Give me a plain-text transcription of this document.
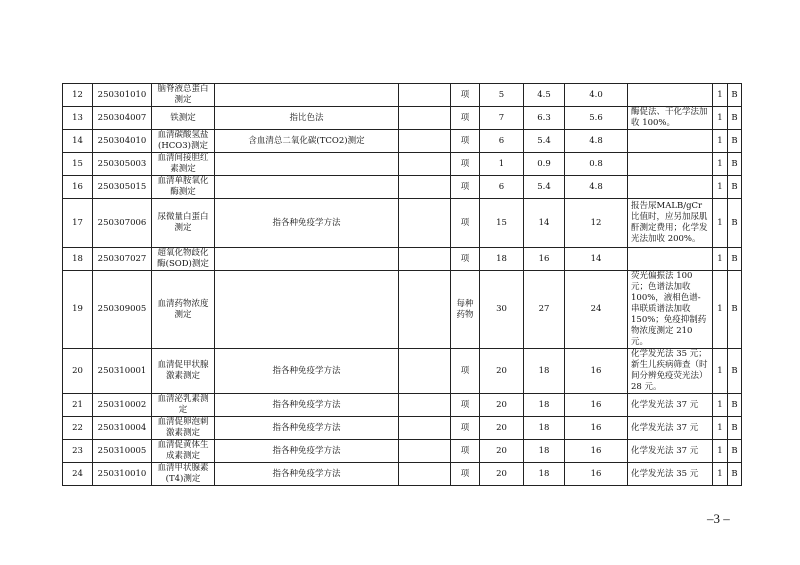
12	250301010	脑脊液总蛋白测定			项	5	4.5	4.0		1	B
13	250304007	铁测定	指比色法		项	7	6.3	5.6	酶促法、干化学法加收 100%。	1	B
14	250304010	血清碳酸氢盐(HCO3)测定	含血清总二氧化碳(TCO2)测定		项	6	5.4	4.8		1	B
15	250305003	血清间接胆红素测定			项	1	0.9	0.8		1	B
16	250305015	血清单胺氧化酶测定			项	6	5.4	4.8		1	B
17	250307006	尿微量白蛋白测定	指各种免疫学方法		项	15	14	12	报告尿MALB/gCr比值时，应另加尿肌酐测定费用；化学发光法加收 200%。	1	B
18	250307027	超氧化物歧化酶(SOD)测定			项	18	16	14		1	B
19	250309005	血清药物浓度测定			每种药物	30	27	24	荧光偏振法 100 元；色谱法加收 100%，液相色谱-串联质谱法加收 150%；免疫抑制药物浓度测定 210 元。	1	B
20	250310001	血清促甲状腺激素测定	指各种免疫学方法		项	20	18	16	化学发光法 35 元；新生儿疾病筛查（时间分辨免疫荧光法）28 元。	1	B
21	250310002	血清泌乳素测定	指各种免疫学方法		项	20	18	16	化学发光法 37 元	1	B
22	250310004	血清促卵泡刺激素测定	指各种免疫学方法		项	20	18	16	化学发光法 37 元	1	B
23	250310005	血清促黄体生成素测定	指各种免疫学方法		项	20	18	16	化学发光法 37 元	1	B
24	250310010	血清甲状腺素(T4)测定	指各种免疫学方法		项	20	18	16	化学发光法 35 元	1	B
–3 –
